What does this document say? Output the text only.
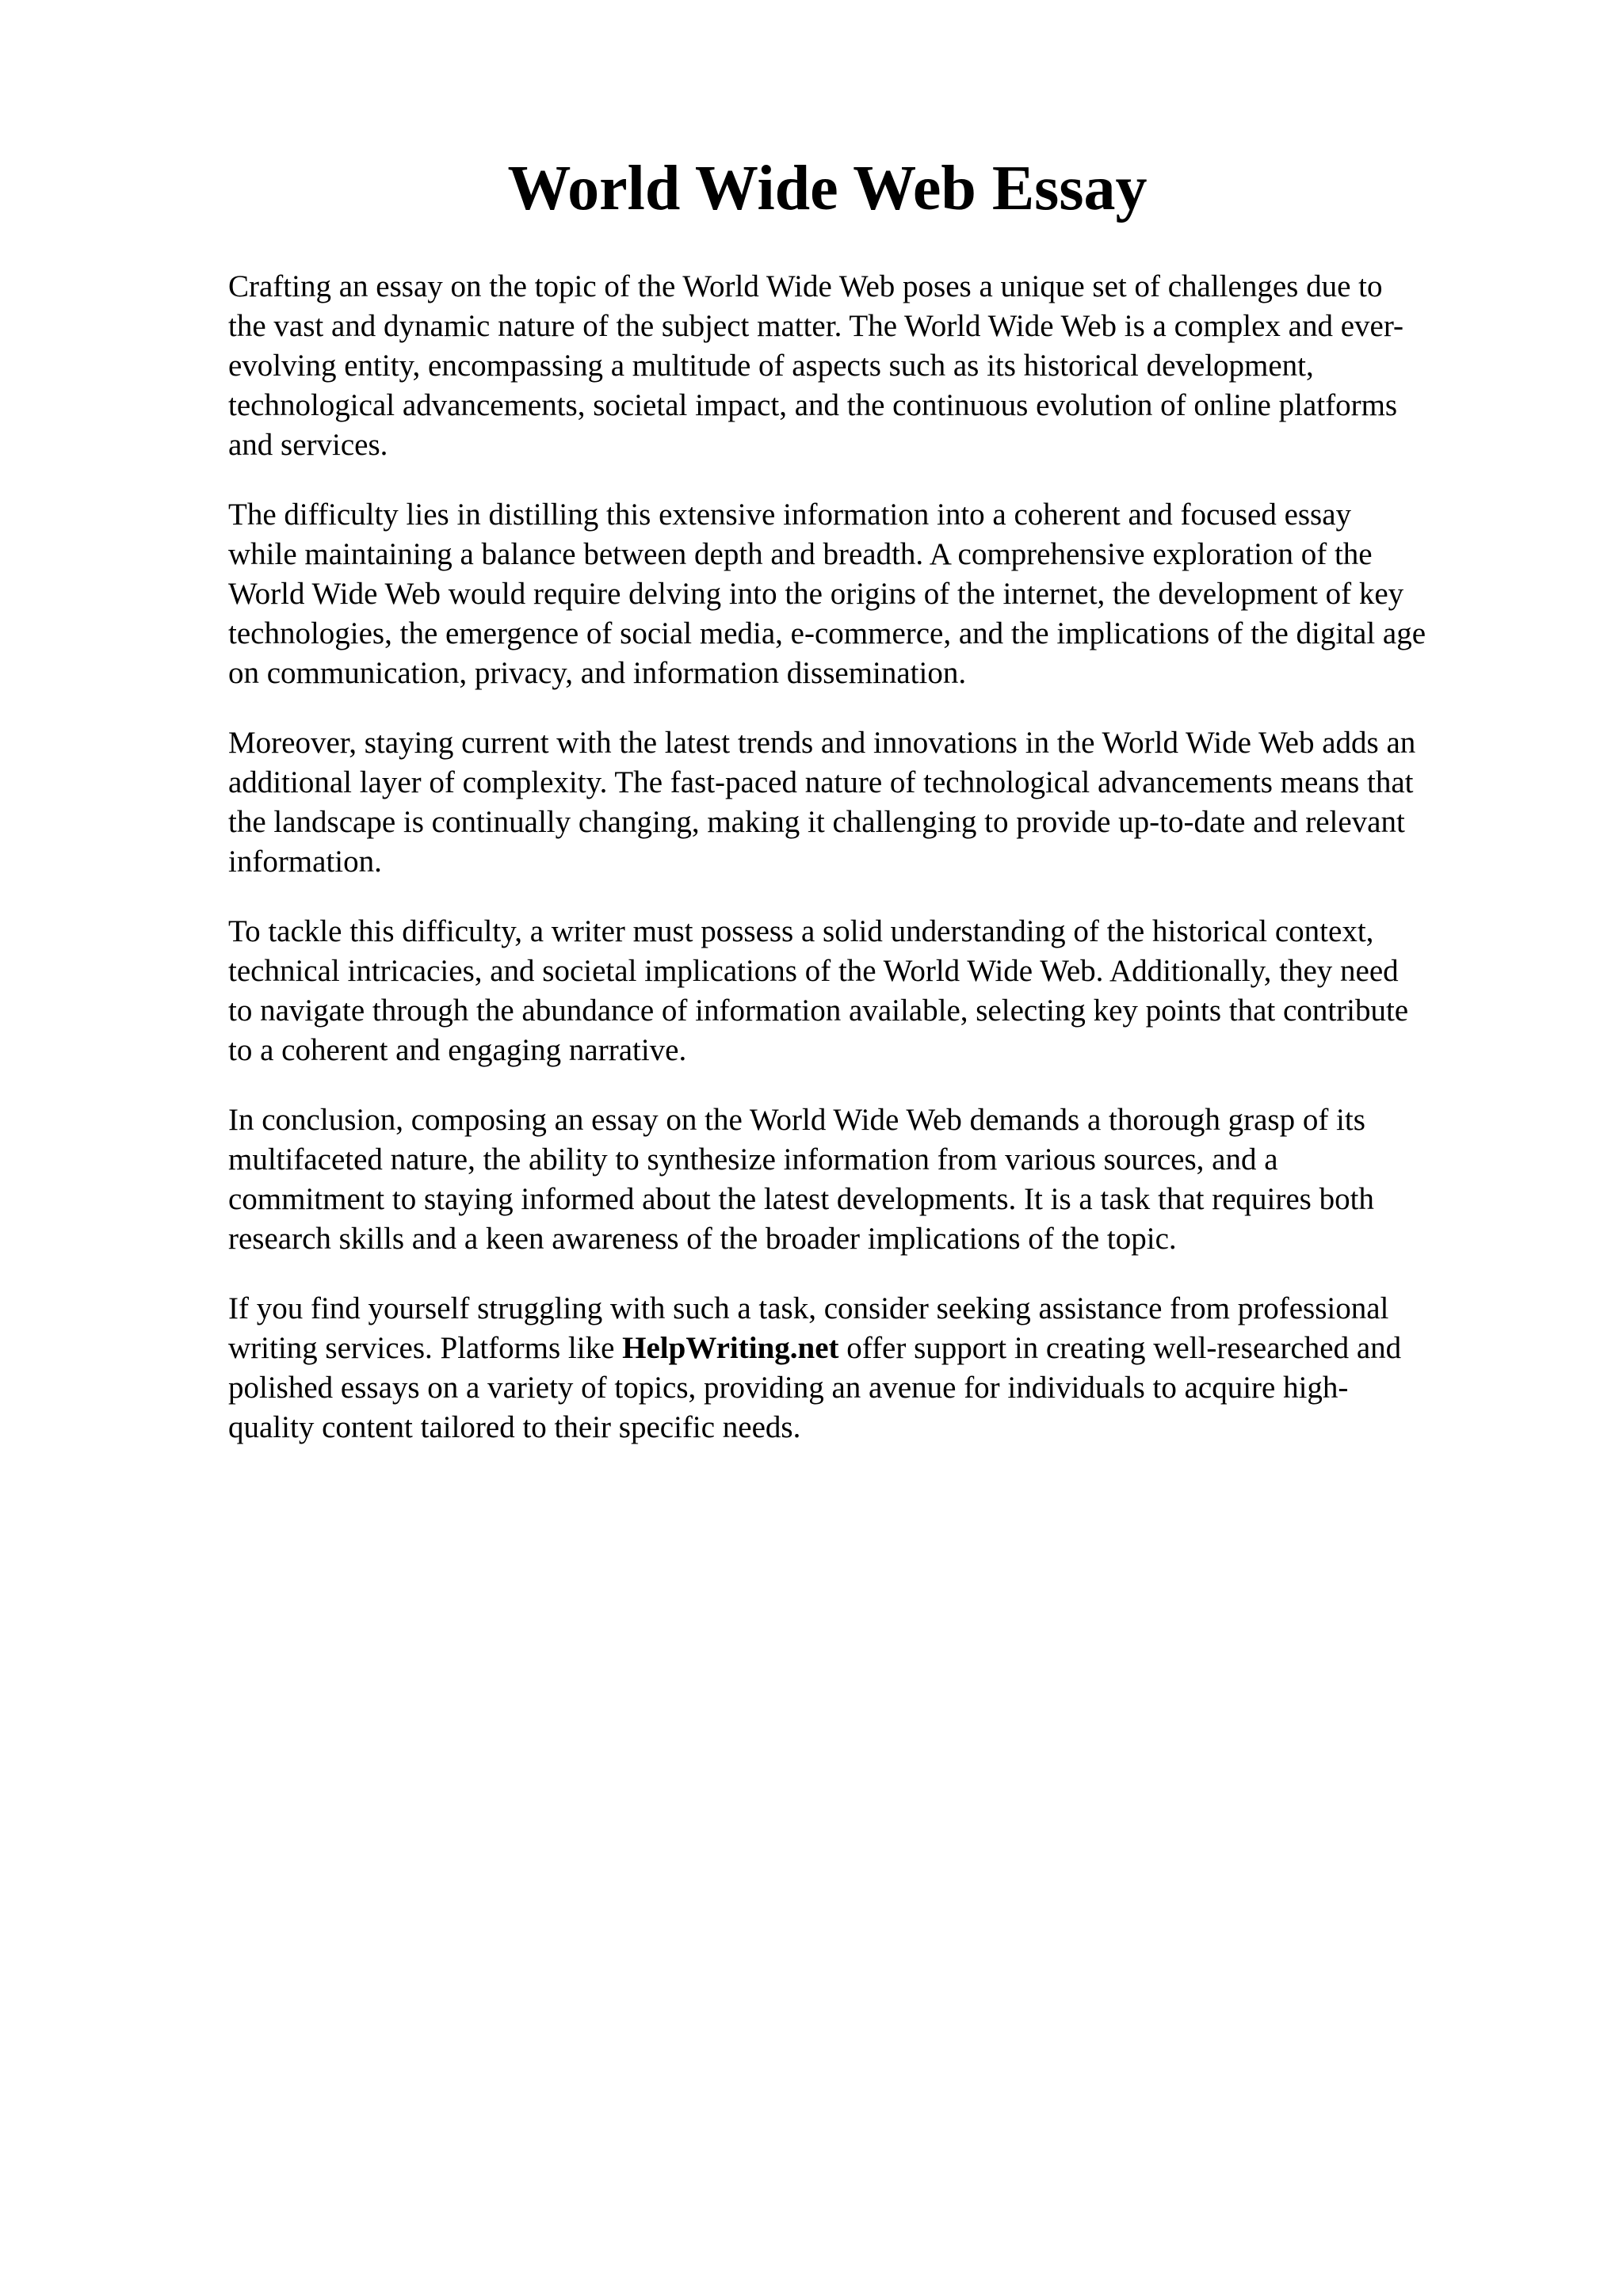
World Wide Web Essay

Crafting an essay on the topic of the World Wide Web poses a unique set of challenges due to the vast and dynamic nature of the subject matter. The World Wide Web is a complex and ever-evolving entity, encompassing a multitude of aspects such as its historical development, technological advancements, societal impact, and the continuous evolution of online platforms and services.

The difficulty lies in distilling this extensive information into a coherent and focused essay while maintaining a balance between depth and breadth. A comprehensive exploration of the World Wide Web would require delving into the origins of the internet, the development of key technologies, the emergence of social media, e-commerce, and the implications of the digital age on communication, privacy, and information dissemination.

Moreover, staying current with the latest trends and innovations in the World Wide Web adds an additional layer of complexity. The fast-paced nature of technological advancements means that the landscape is continually changing, making it challenging to provide up-to-date and relevant information.

To tackle this difficulty, a writer must possess a solid understanding of the historical context, technical intricacies, and societal implications of the World Wide Web. Additionally, they need to navigate through the abundance of information available, selecting key points that contribute to a coherent and engaging narrative.

In conclusion, composing an essay on the World Wide Web demands a thorough grasp of its multifaceted nature, the ability to synthesize information from various sources, and a commitment to staying informed about the latest developments. It is a task that requires both research skills and a keen awareness of the broader implications of the topic.

If you find yourself struggling with such a task, consider seeking assistance from professional writing services. Platforms like HelpWriting.net offer support in creating well-researched and polished essays on a variety of topics, providing an avenue for individuals to acquire high-quality content tailored to their specific needs.
